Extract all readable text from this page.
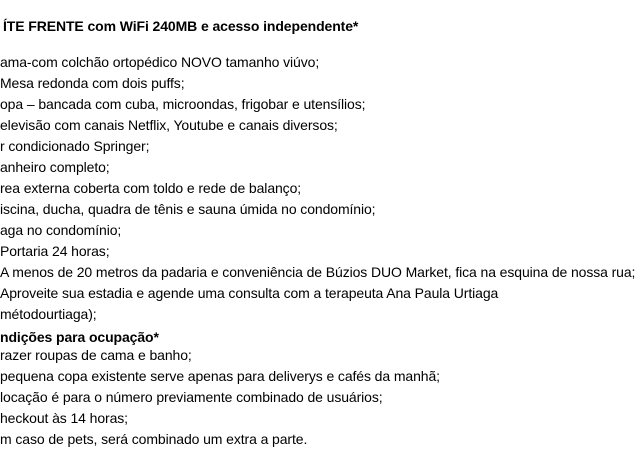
ÍTE FRENTE com WiFi 240MB e acesso independente*
ama-com colchão ortopédico NOVO tamanho viúvo;
Mesa redonda com dois puffs;
opa – bancada com cuba, microondas, frigobar e utensílios;
elevisão com canais Netflix, Youtube e canais diversos;
r condicionado Springer;
anheiro completo;
rea externa coberta com toldo e rede de balanço;
iscina, ducha, quadra de tênis e sauna úmida no condomínio;
aga no condomínio;
Portaria 24 horas;
A menos de 20 metros da padaria e conveniência de Búzios DUO Market, fica na esquina de nossa rua;
Aproveite sua estadia e agende uma consulta com a terapeuta Ana Paula Urtiaga
métodourtiaga);
ndições para ocupação*
razer roupas de cama e banho;
pequena copa existente serve apenas para deliverys e cafés da manhã;
locação é para o número previamente combinado de usuários;
heckout às 14 horas;
m caso de pets, será combinado um extra a parte.
